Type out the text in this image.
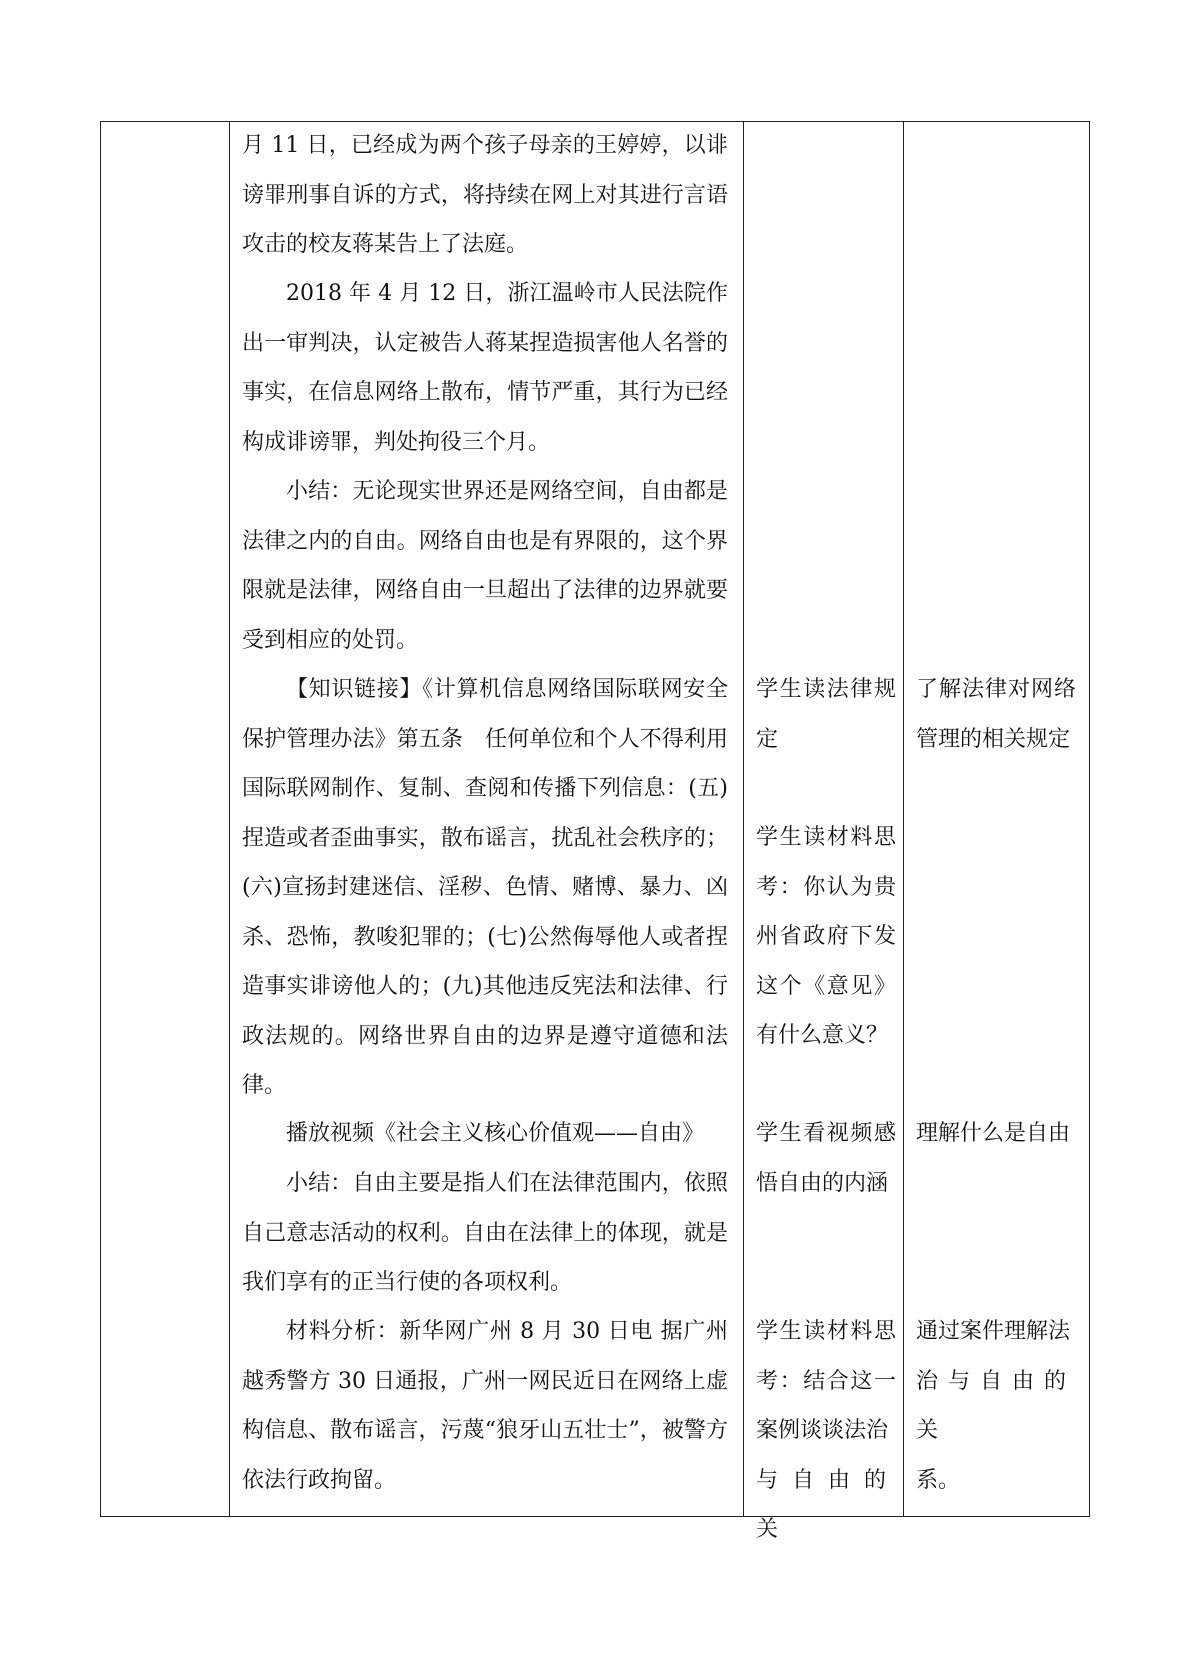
月 11 日，已经成为两个孩子母亲的王婷婷，以诽谤罪刑事自诉的方式，将持续在网上对其进行言语攻击的校友蒋某告上了法庭。

2018 年 4 月 12 日，浙江温岭市人民法院作出一审判决，认定被告人蒋某捏造损害他人名誉的事实，在信息网络上散布，情节严重，其行为已经构成诽谤罪，判处拘役三个月。

小结：无论现实世界还是网络空间，自由都是法律之内的自由。网络自由也是有界限的，这个界限就是法律，网络自由一旦超出了法律的边界就要受到相应的处罚。

【知识链接】《计算机信息网络国际联网安全保护管理办法》第五条　任何单位和个人不得利用国际联网制作、复制、查阅和传播下列信息：(五)捏造或者歪曲事实，散布谣言，扰乱社会秩序的；(六)宣扬封建迷信、淫秽、色情、赌博、暴力、凶杀、恐怖，教唆犯罪的；(七)公然侮辱他人或者捏造事实诽谤他人的；(九)其他违反宪法和法律、行政法规的。网络世界自由的边界是遵守道德和法律。

播放视频《社会主义核心价值观——自由》

小结：自由主要是指人们在法律范围内，依照自己意志活动的权利。自由在法律上的体现，就是我们享有的正当行使的各项权利。

材料分析：新华网广州 8 月 30 日电 据广州越秀警方 30 日通报，广州一网民近日在网络上虚构信息、散布谣言，污蔑“狼牙山五壮士”，被警方依法行政拘留。

学生读法律规定

学生读材料思考：你认为贵州省政府下发这个《意见》有什么意义？

学生看视频感悟自由的内涵

学生读材料思考：结合这一案例谈谈法治

与自由的关

了解法律对网络管理的相关规定

理解什么是自由

通过案件理解法

治与自由的关

系。
